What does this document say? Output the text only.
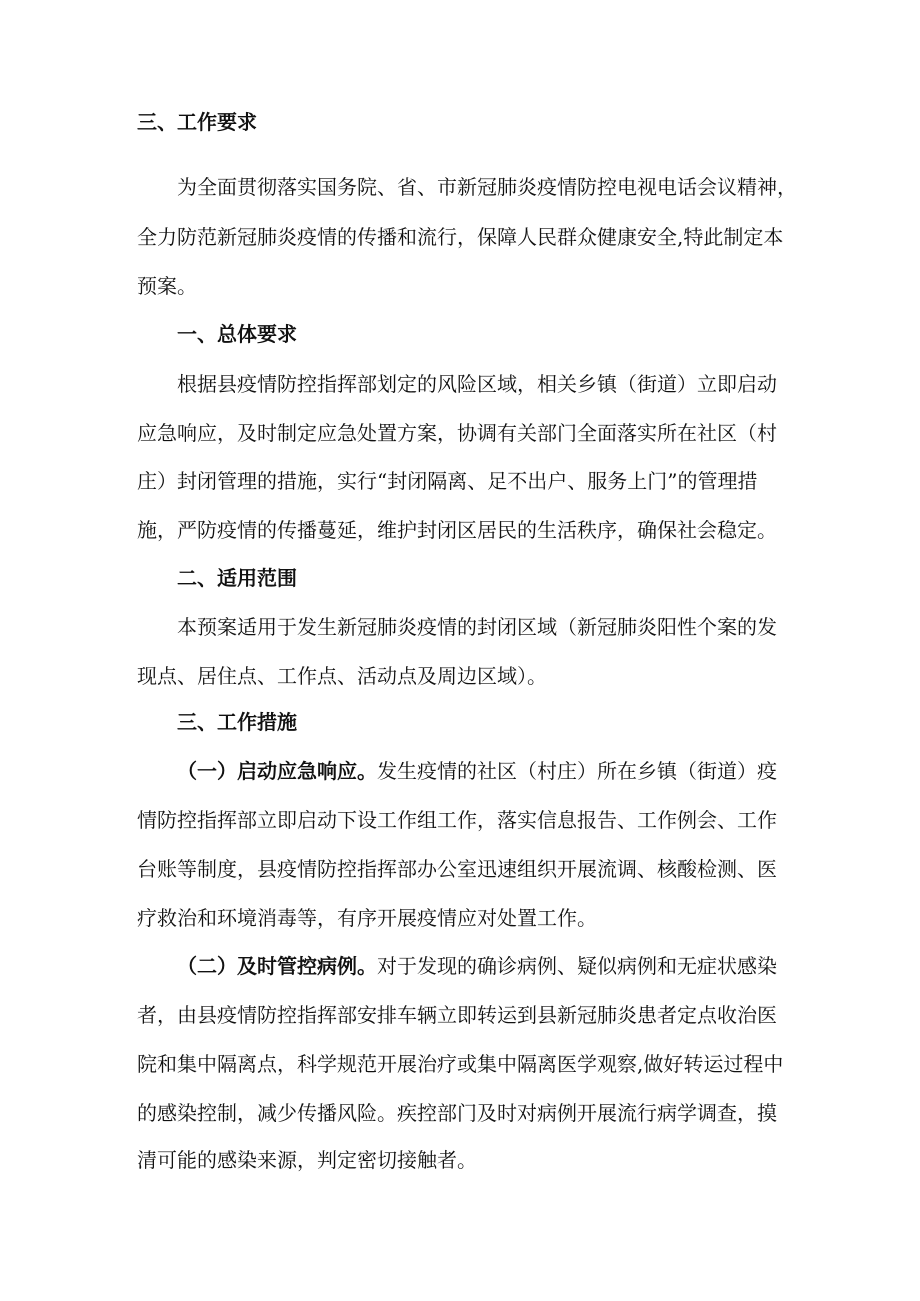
三、工作要求
为全面贯彻落实国务院、省、市新冠肺炎疫情防控电视电话会议精神，
全力防范新冠肺炎疫情的传播和流行，保障人民群众健康安全,特此制定本
预案。
一、总体要求
根据县疫情防控指挥部划定的风险区域，相关乡镇（街道）立即启动
应急响应，及时制定应急处置方案，协调有关部门全面落实所在社区（村
庄）封闭管理的措施，实行“封闭隔离、足不出户、服务上门”的管理措
施，严防疫情的传播蔓延，维护封闭区居民的生活秩序，确保社会稳定。
二、适用范围
本预案适用于发生新冠肺炎疫情的封闭区域（新冠肺炎阳性个案的发
现点、居住点、工作点、活动点及周边区域）。
三、工作措施
（一）启动应急响应。发生疫情的社区（村庄）所在乡镇（街道）疫
情防控指挥部立即启动下设工作组工作，落实信息报告、工作例会、工作
台账等制度，县疫情防控指挥部办公室迅速组织开展流调、核酸检测、医
疗救治和环境消毒等，有序开展疫情应对处置工作。
（二）及时管控病例。对于发现的确诊病例、疑似病例和无症状感染
者，由县疫情防控指挥部安排车辆立即转运到县新冠肺炎患者定点收治医
院和集中隔离点，科学规范开展治疗或集中隔离医学观察,做好转运过程中
的感染控制，减少传播风险。疾控部门及时对病例开展流行病学调查，摸
清可能的感染来源，判定密切接触者。
